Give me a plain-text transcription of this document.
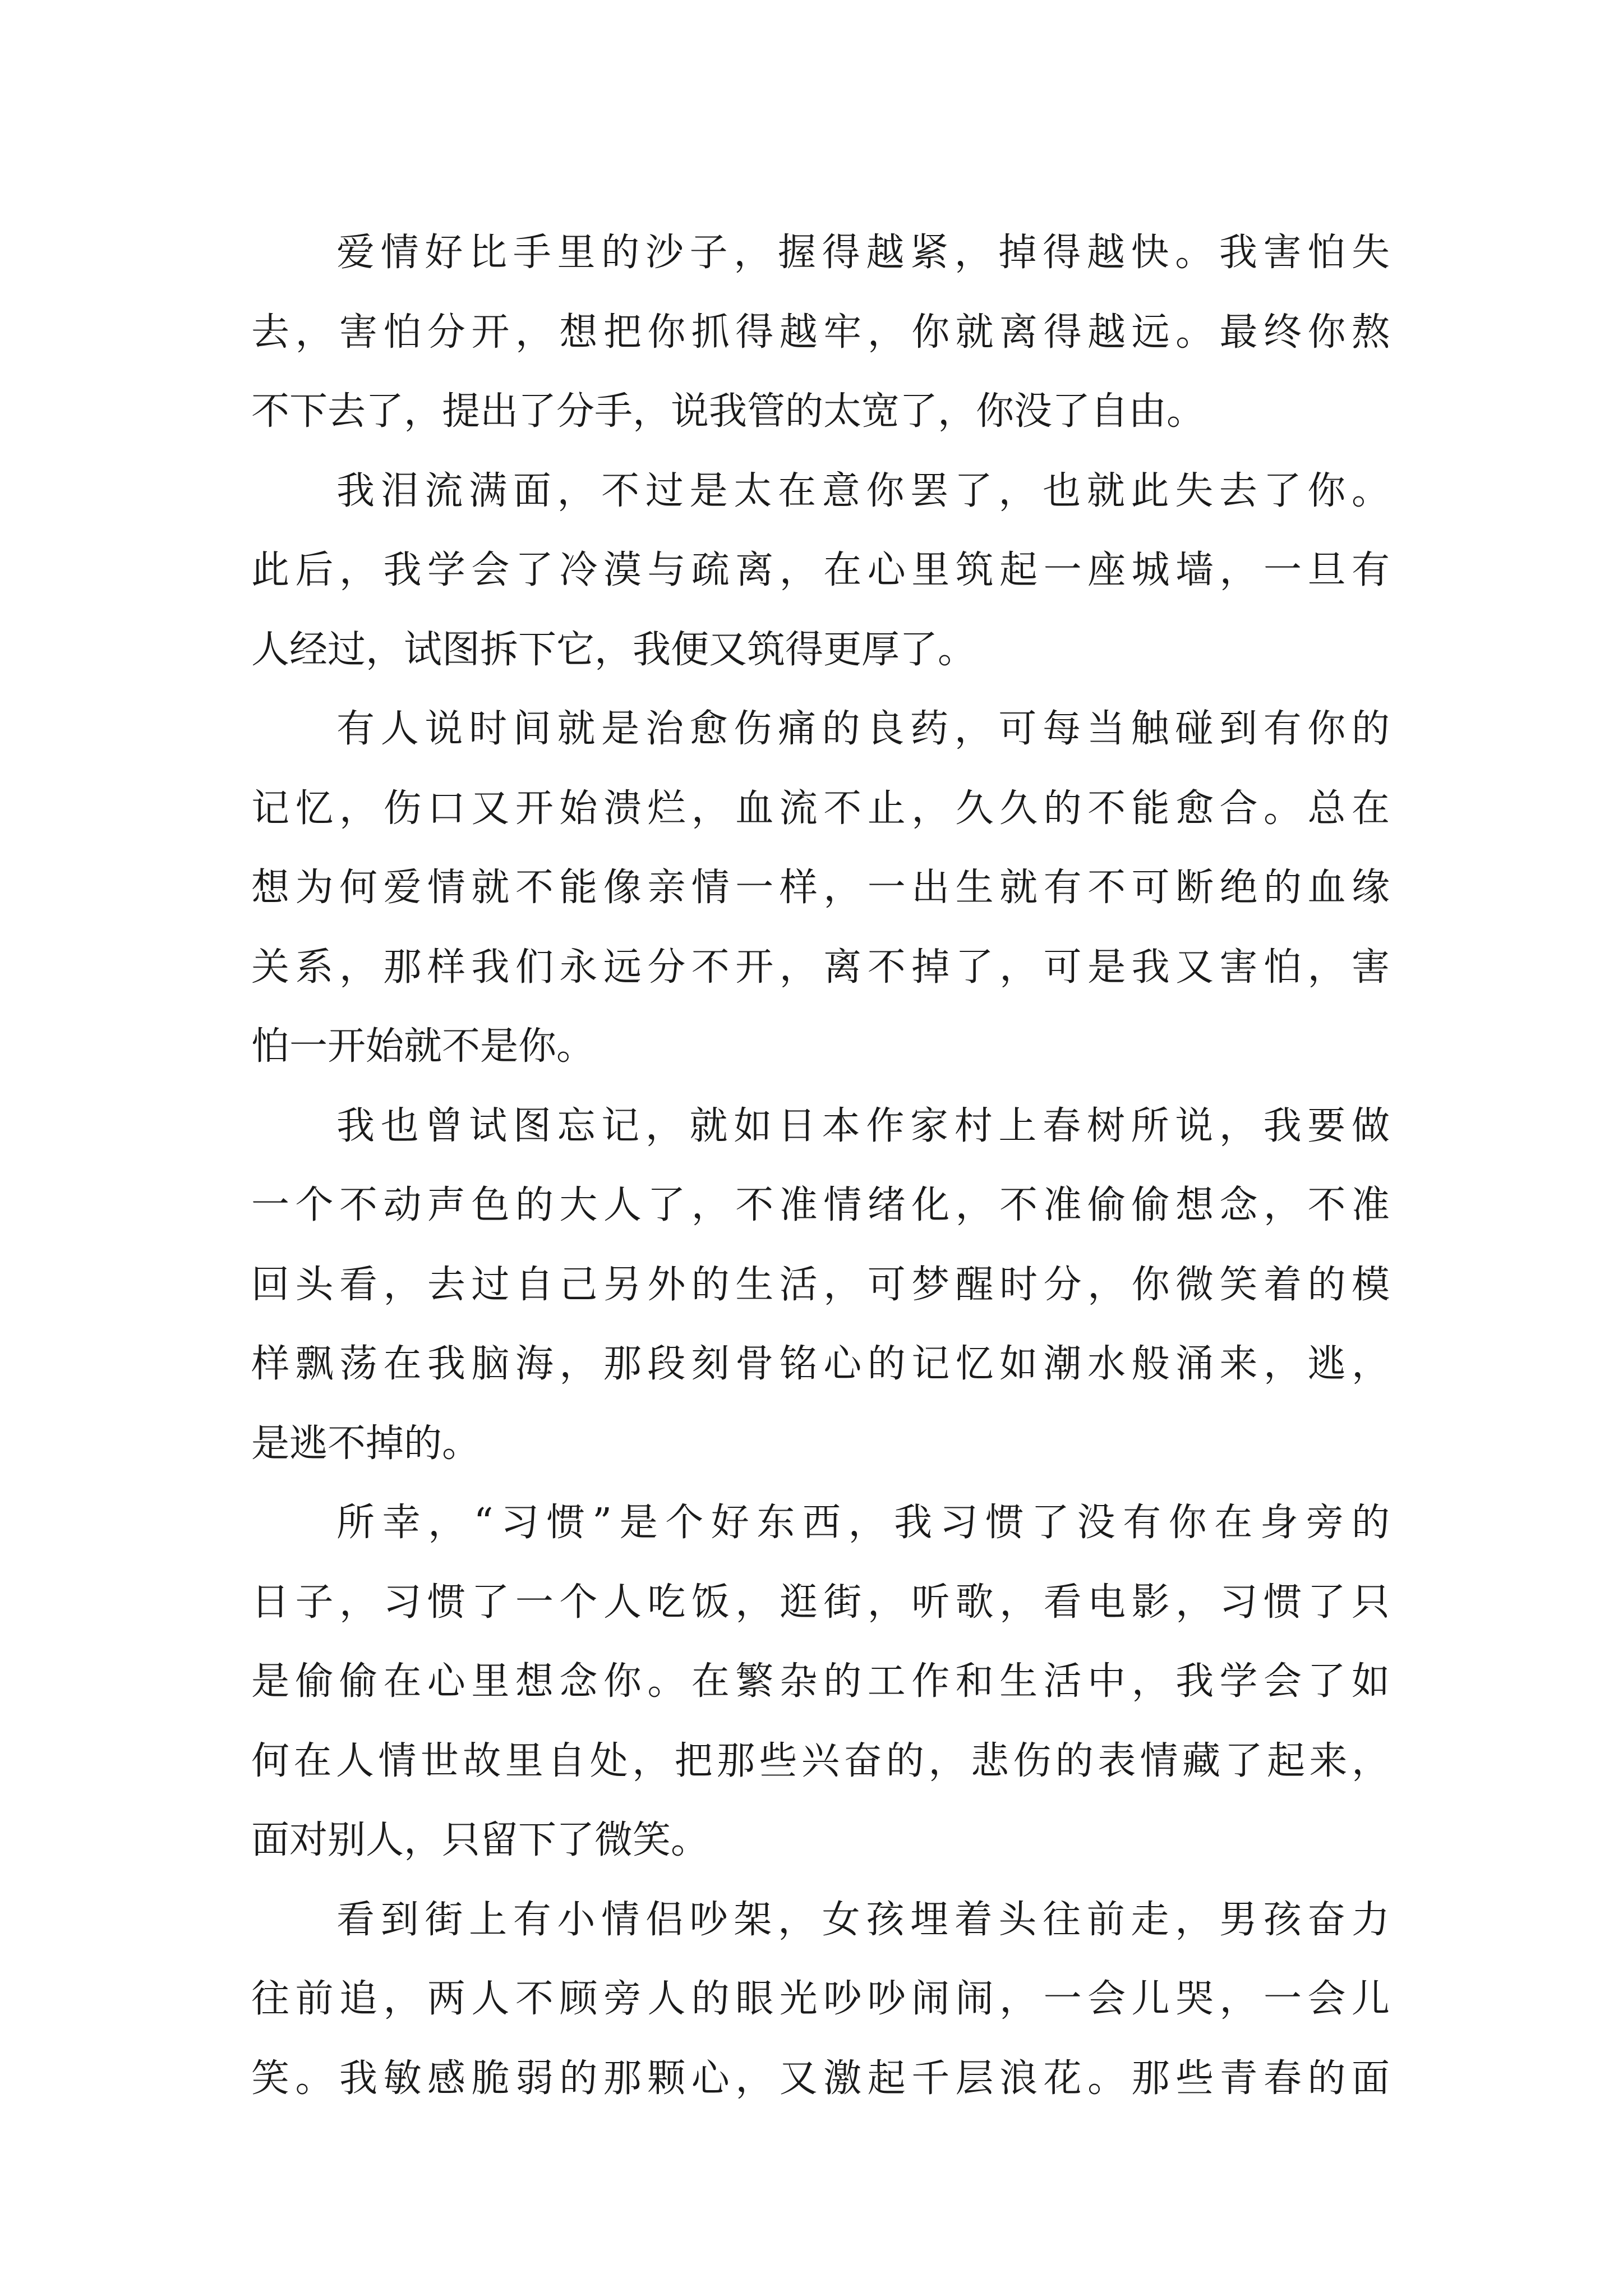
爱情好比手里的沙子，握得越紧，掉得越快。我害怕失
去，害怕分开，想把你抓得越牢，你就离得越远。最终你熬
不下去了，提出了分手，说我管的太宽了，你没了自由。
我泪流满面，不过是太在意你罢了，也就此失去了你。
此后，我学会了冷漠与疏离，在心里筑起一座城墙，一旦有
人经过，试图拆下它，我便又筑得更厚了。
有人说时间就是治愈伤痛的良药，可每当触碰到有你的
记忆，伤口又开始溃烂，血流不止，久久的不能愈合。总在
想为何爱情就不能像亲情一样，一出生就有不可断绝的血缘
关系，那样我们永远分不开，离不掉了，可是我又害怕，害
怕一开始就不是你。
我也曾试图忘记，就如日本作家村上春树所说，我要做
一个不动声色的大人了，不准情绪化，不准偷偷想念，不准
回头看，去过自己另外的生活，可梦醒时分，你微笑着的模
样飘荡在我脑海，那段刻骨铭心的记忆如潮水般涌来，逃，
是逃不掉的。
所幸，“习惯”是个好东西，我习惯了没有你在身旁的
日子，习惯了一个人吃饭，逛街，听歌，看电影，习惯了只
是偷偷在心里想念你。在繁杂的工作和生活中，我学会了如
何在人情世故里自处，把那些兴奋的，悲伤的表情藏了起来，
面对别人，只留下了微笑。
看到街上有小情侣吵架，女孩埋着头往前走，男孩奋力
往前追，两人不顾旁人的眼光吵吵闹闹，一会儿哭，一会儿
笑。我敏感脆弱的那颗心，又激起千层浪花。那些青春的面
